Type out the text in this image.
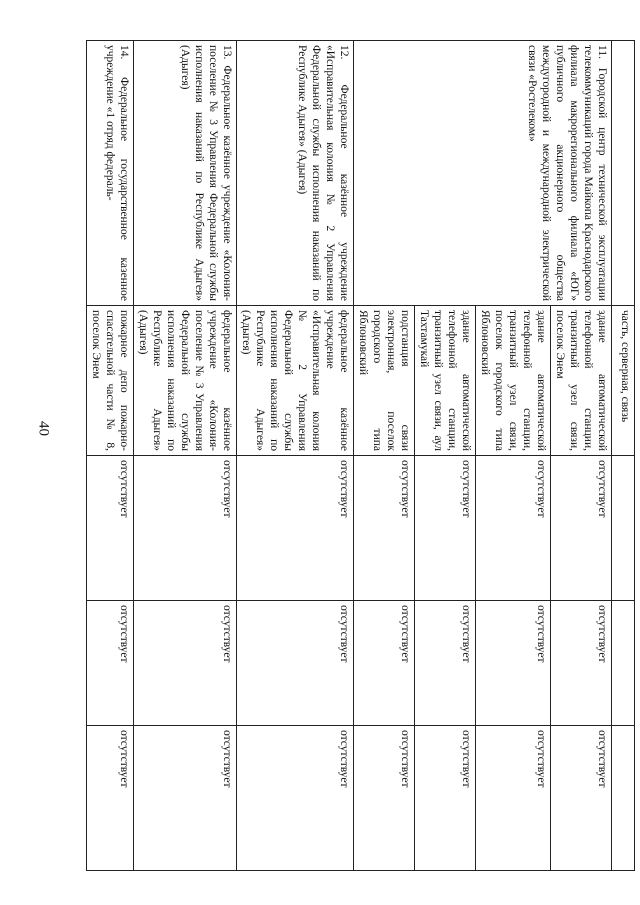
40
	часть, серверная, связь			
11. Городской центр технической эксплуатации телекоммуникаций города Майкопа Краснодарского филиала макрорегионального филиала «ЮГ» публичного акционерного общества междугородной и международной электрической связи «Ростелеком»	здание автоматической телефонной станции, транзитный узел связи, поселок Энем	отсутствует	отсутствует	отсутствует
	здание автоматической телефонной станции, транзитный узел связи, поселок городского типа Яблоновский	отсутствует	отсутствует	отсутствует
	здание автоматической телефонной станции, транзитный узел связи, аул Тахтамукай	отсутствует	отсутствует	отсутствует
	подстанция связи электронная, поселок городского типа Яблоновский	отсутствует	отсутствует	отсутствует
12. Федеральное казённое учреждение «Исправительная колония № 2 Управления Федеральной службы исполнения наказаний по Республике Адыгея» (Адыгея)	федеральное казённое учреждение «Исправительная колония № 2 Управления Федеральной службы исполнения наказаний по Республике Адыгея» (Адыгея)	отсутствует	отсутствует	отсутствует
13. Федеральное казённое учреждение «Колония-поселение № 3 Управления Федеральной службы исполнения наказаний по Республике Адыгея» (Адыгея)	федеральное казённое учреждение «Колония-поселение № 3 Управления Федеральной службы исполнения наказаний по Республике Адыгея» (Адыгея)	отсутствует	отсутствует	отсутствует
14. Федеральное государственное казенное учреждение «1 отряд федераль-	пожарное депо пожарно-спасательной части № 8, поселок Энем	отсутствует	отсутствует	отсутствует
